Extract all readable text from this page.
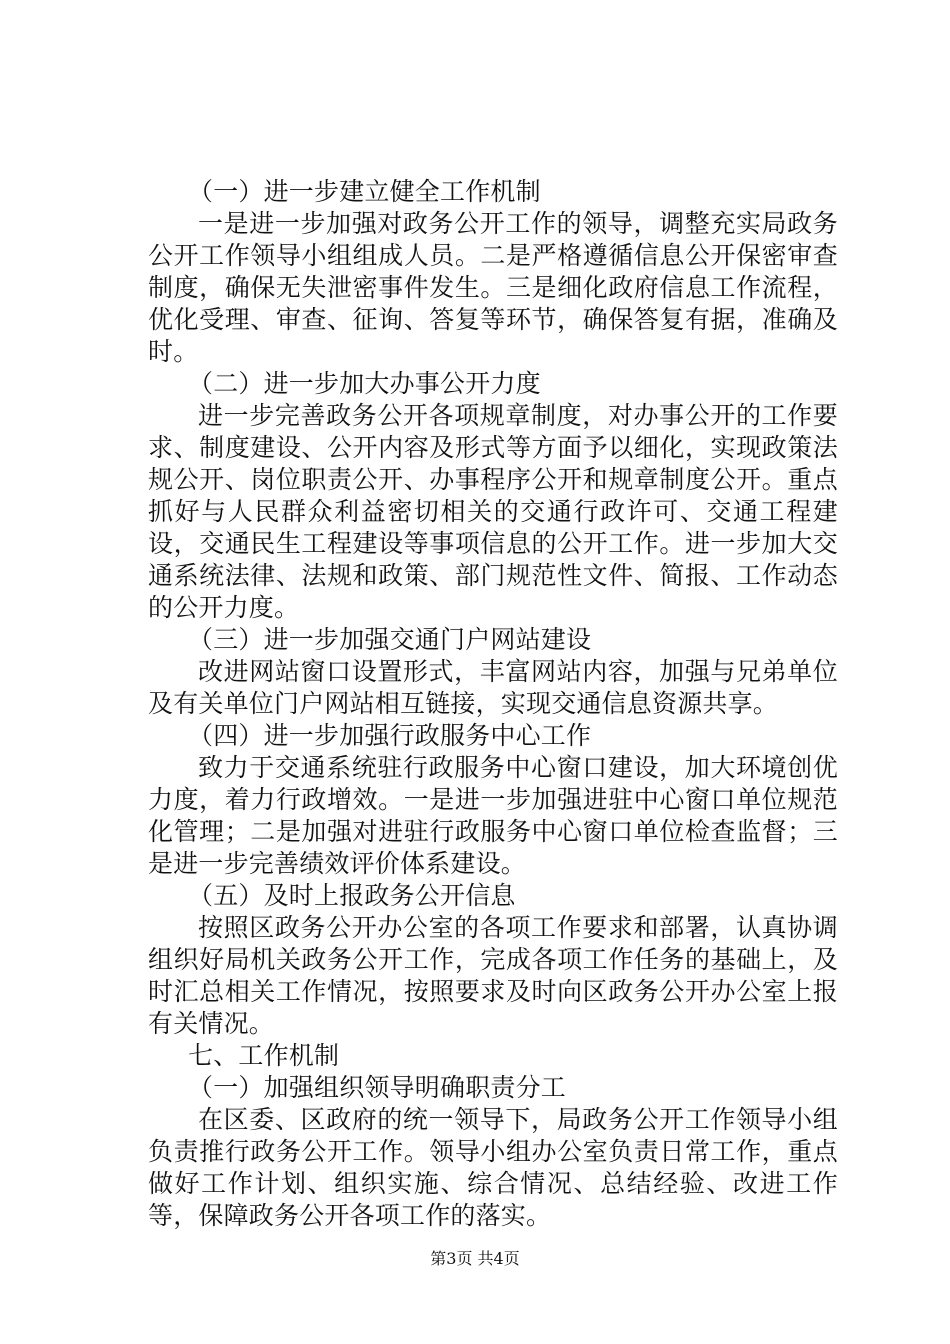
（一）进一步建立健全工作机制

一是进一步加强对政务公开工作的领导，调整充实局政务公开工作领导小组组成人员。二是严格遵循信息公开保密审查制度，确保无失泄密事件发生。三是细化政府信息工作流程，优化受理、审查、征询、答复等环节，确保答复有据，准确及时。

（二）进一步加大办事公开力度

进一步完善政务公开各项规章制度，对办事公开的工作要求、制度建设、公开内容及形式等方面予以细化，实现政策法规公开、岗位职责公开、办事程序公开和规章制度公开。重点抓好与人民群众利益密切相关的交通行政许可、交通工程建设，交通民生工程建设等事项信息的公开工作。进一步加大交通系统法律、法规和政策、部门规范性文件、简报、工作动态的公开力度。

（三）进一步加强交通门户网站建设

改进网站窗口设置形式，丰富网站内容，加强与兄弟单位及有关单位门户网站相互链接，实现交通信息资源共享。

（四）进一步加强行政服务中心工作

致力于交通系统驻行政服务中心窗口建设，加大环境创优力度，着力行政增效。一是进一步加强进驻中心窗口单位规范化管理；二是加强对进驻行政服务中心窗口单位检查监督；三是进一步完善绩效评价体系建设。

（五）及时上报政务公开信息

按照区政务公开办公室的各项工作要求和部署，认真协调组织好局机关政务公开工作，完成各项工作任务的基础上，及时汇总相关工作情况，按照要求及时向区政务公开办公室上报有关情况。

七、工作机制

（一）加强组织领导明确职责分工

在区委、区政府的统一领导下，局政务公开工作领导小组负责推行政务公开工作。领导小组办公室负责日常工作，重点做好工作计划、组织实施、综合情况、总结经验、改进工作等，保障政务公开各项工作的落实。

第3页 共4页
